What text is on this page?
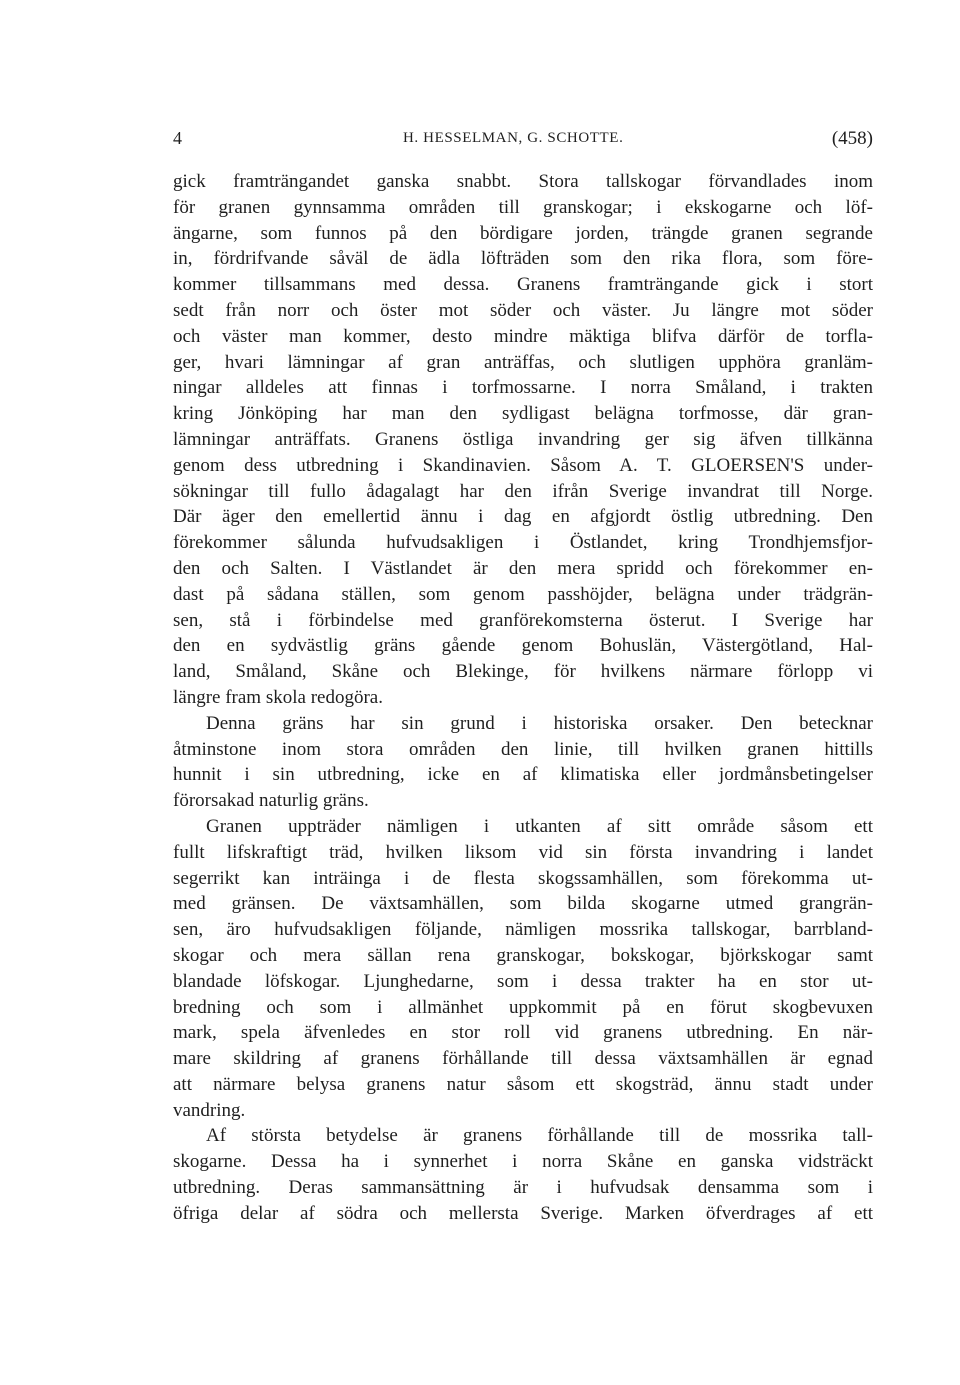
4	H. HESSELMAN, G. SCHOTTE.	(458)
gick framträngandet ganska snabbt. Stora tallskogar förvandlades inom
för granen gynnsamma områden till granskogar; i ekskogarne och löf-
ängarne, som funnos på den bördigare jorden, trängde granen segrande
in, fördrifvande såväl de ädla löfträden som den rika flora, som före-
kommer tillsammans med dessa. Granens framträngande gick i stort
sedt från norr och öster mot söder och väster. Ju längre mot söder
och väster man kommer, desto mindre mäktiga blifva därför de torfla-
ger, hvari lämningar af gran anträffas, och slutligen upphöra granläm-
ningar alldeles att finnas i torfmossarne. I norra Småland, i trakten
kring Jönköping har man den sydligast belägna torfmosse, där gran-
lämningar anträffats. Granens östliga invandring ger sig äfven tillkänna
genom dess utbredning i Skandinavien. Såsom A. T. GLOERSEN'S under-
sökningar till fullo ådagalagt har den ifrån Sverige invandrat till Norge.
Där äger den emellertid ännu i dag en afgjordt östlig utbredning. Den
förekommer sålunda hufvudsakligen i Östlandet, kring Trondhjemsfjor-
den och Salten. I Västlandet är den mera spridd och förekommer en-
dast på sådana ställen, som genom passhöjder, belägna under trädgrän-
sen, stå i förbindelse med granförekomsterna österut. I Sverige har
den en sydvästlig gräns gående genom Bohuslän, Västergötland, Hal-
land, Småland, Skåne och Blekinge, för hvilkens närmare förlopp vi
längre fram skola redogöra.
Denna gräns har sin grund i historiska orsaker. Den betecknar
åtminstone inom stora områden den linie, till hvilken granen hittills
hunnit i sin utbredning, icke en af klimatiska eller jordmånsbetingelser
förorsakad naturlig gräns.
Granen uppträder nämligen i utkanten af sitt område såsom ett
fullt lifskraftigt träd, hvilken liksom vid sin första invandring i landet
segerrikt kan inträinga i de flesta skogssamhällen, som förekomma ut-
med gränsen. De växtsamhällen, som bilda skogarne utmed grangrän-
sen, äro hufvudsakligen följande, nämligen mossrika tallskogar, barrbland-
skogar och mera sällan rena granskogar, bokskogar, björkskogar samt
blandade löfskogar. Ljunghedarne, som i dessa trakter ha en stor ut-
bredning och som i allmänhet uppkommit på en förut skogbevuxen
mark, spela äfvenledes en stor roll vid granens utbredning. En när-
mare skildring af granens förhållande till dessa växtsamhällen är egnad
att närmare belysa granens natur såsom ett skogsträd, ännu stadt under
vandring.
Af största betydelse är granens förhållande till de mossrika tall-
skogarne. Dessa ha i synnerhet i norra Skåne en ganska vidsträckt
utbredning. Deras sammansättning är i hufvudsak densamma som i
öfriga delar af södra och mellersta Sverige. Marken öfverdrages af ett
